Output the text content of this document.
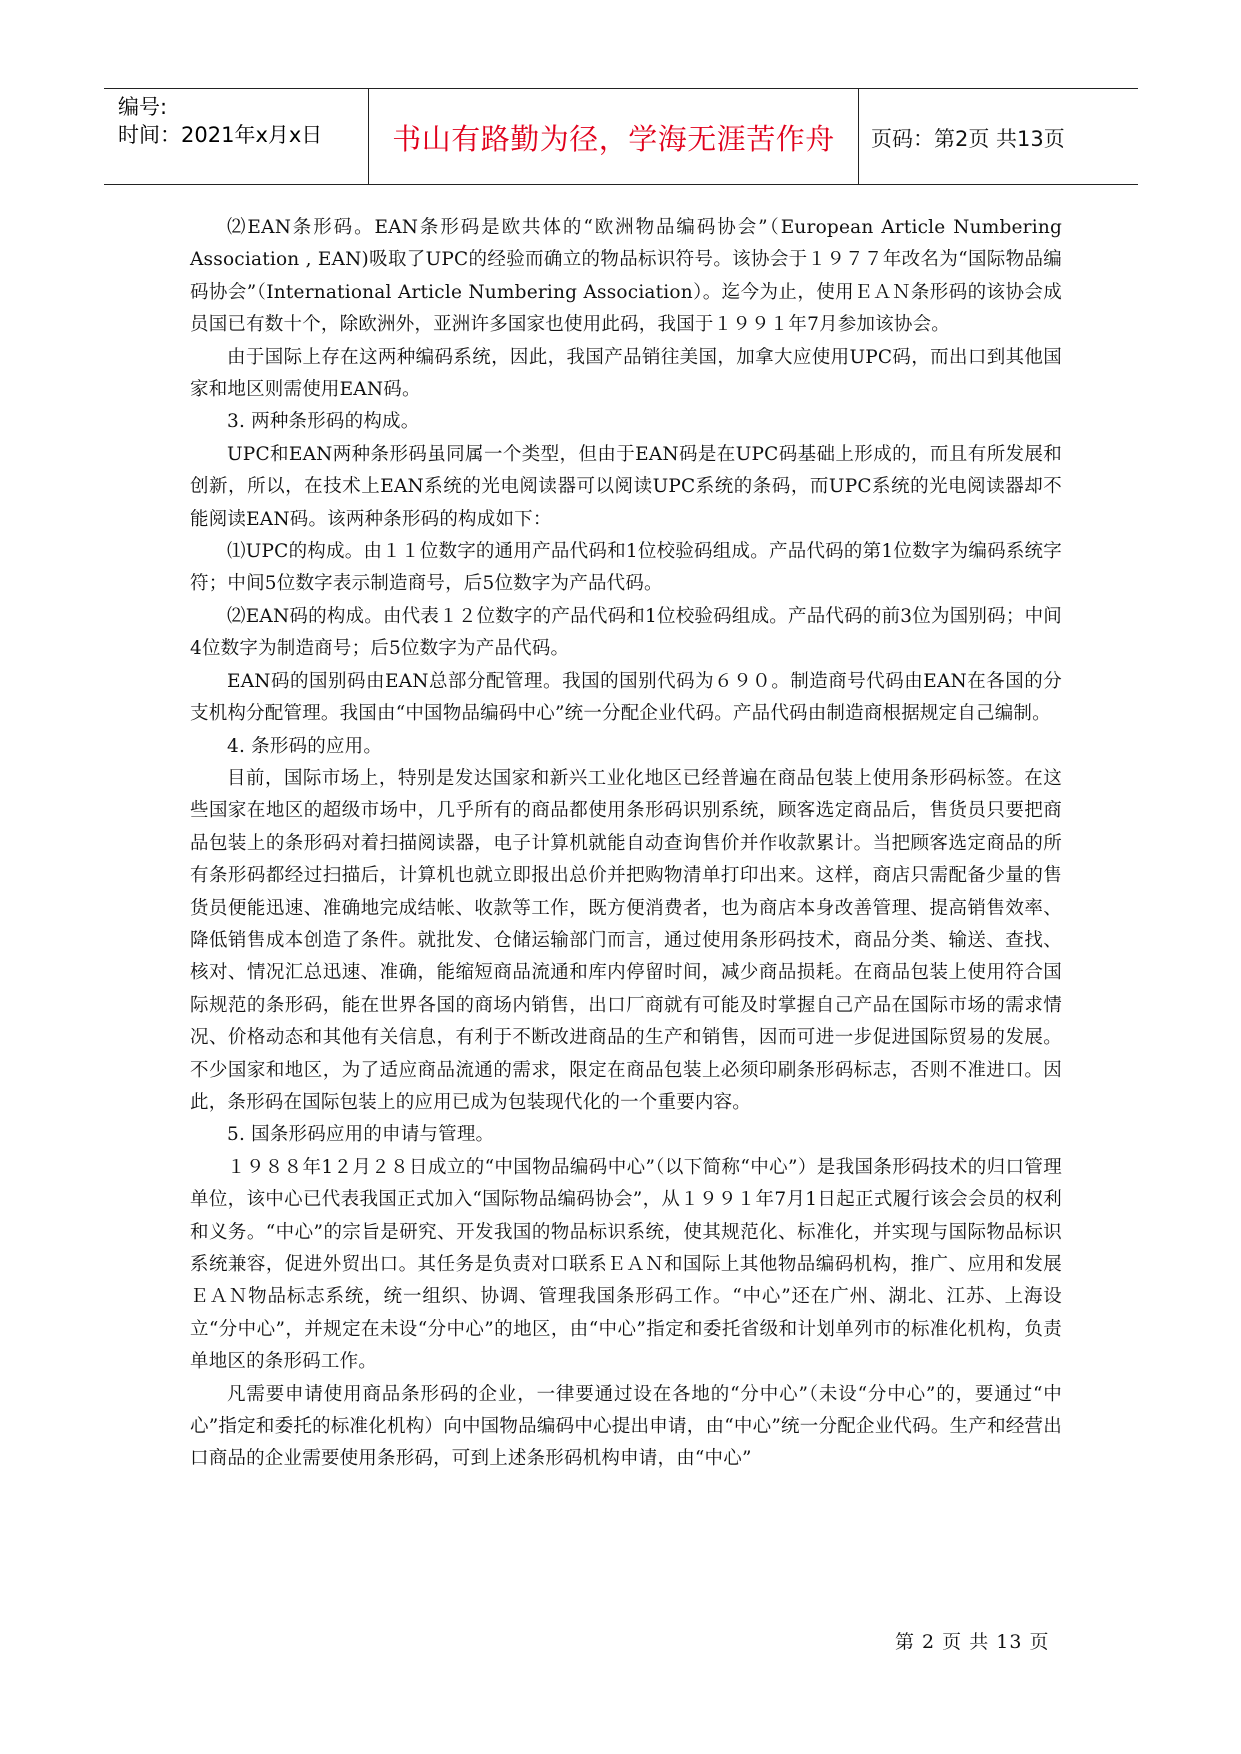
编号:
时间：2021年x月x日	书山有路勤为径，学海无涯苦作舟	页码：第2页 共13页

⑵EAN条形码。EAN条形码是欧共体的“欧洲物品编码协会”（European Article Numbering Association , EAN)吸取了UPC的经验而确立的物品标识符号。该协会于１９７７年改名为“国际物品编码协会”（International Article Numbering Association）。迄今为止，使用ＥＡＮ条形码的该协会成员国已有数十个，除欧洲外，亚洲许多国家也使用此码，我国于１９９１年7月参加该协会。

由于国际上存在这两种编码系统，因此，我国产品销往美国，加拿大应使用UPC码，而出口到其他国家和地区则需使用EAN码。

3. 两种条形码的构成。

UPC和EAN两种条形码虽同属一个类型，但由于EAN码是在UPC码基础上形成的，而且有所发展和创新，所以，在技术上EAN系统的光电阅读器可以阅读UPC系统的条码，而UPC系统的光电阅读器却不能阅读EAN码。该两种条形码的构成如下：

⑴UPC的构成。由１１位数字的通用产品代码和1位校验码组成。产品代码的第1位数字为编码系统字符；中间5位数字表示制造商号，后5位数字为产品代码。

⑵EAN码的构成。由代表１２位数字的产品代码和1位校验码组成。产品代码的前3位为国别码；中间4位数字为制造商号；后5位数字为产品代码。

EAN码的国别码由EAN总部分配管理。我国的国别代码为６９０。制造商号代码由EAN在各国的分支机构分配管理。我国由“中国物品编码中心”统一分配企业代码。产品代码由制造商根据规定自己编制。

4. 条形码的应用。

目前，国际市场上，特别是发达国家和新兴工业化地区已经普遍在商品包装上使用条形码标签。在这些国家在地区的超级市场中，几乎所有的商品都使用条形码识别系统，顾客选定商品后，售货员只要把商品包装上的条形码对着扫描阅读器，电子计算机就能自动查询售价并作收款累计。当把顾客选定商品的所有条形码都经过扫描后，计算机也就立即报出总价并把购物清单打印出来。这样，商店只需配备少量的售货员便能迅速、准确地完成结帐、收款等工作，既方便消费者，也为商店本身改善管理、提高销售效率、降低销售成本创造了条件。就批发、仓储运输部门而言，通过使用条形码技术，商品分类、输送、查找、核对、情况汇总迅速、准确，能缩短商品流通和库内停留时间，减少商品损耗。在商品包装上使用符合国际规范的条形码，能在世界各国的商场内销售，出口厂商就有可能及时掌握自己产品在国际市场的需求情况、价格动态和其他有关信息，有利于不断改进商品的生产和销售，因而可进一步促进国际贸易的发展。不少国家和地区，为了适应商品流通的需求，限定在商品包装上必须印刷条形码标志，否则不准进口。因此，条形码在国际包装上的应用已成为包装现代化的一个重要内容。

5. 国条形码应用的申请与管理。

１９８８年1２月２８日成立的“中国物品编码中心”（以下简称“中心”）是我国条形码技术的归口管理单位，该中心已代表我国正式加入“国际物品编码协会”，从１９９１年7月1日起正式履行该会会员的权利和义务。“中心”的宗旨是研究、开发我国的物品标识系统，使其规范化、标准化，并实现与国际物品标识系统兼容，促进外贸出口。其任务是负责对口联系ＥＡＮ和国际上其他物品编码机构，推广、应用和发展ＥＡＮ物品标志系统，统一组织、协调、管理我国条形码工作。“中心”还在广州、湖北、江苏、上海设立“分中心”，并规定在未设“分中心”的地区，由“中心”指定和委托省级和计划单列市的标准化机构，负责单地区的条形码工作。

凡需要申请使用商品条形码的企业，一律要通过设在各地的“分中心”（未设“分中心”的，要通过“中心”指定和委托的标准化机构）向中国物品编码中心提出申请，由“中心”统一分配企业代码。生产和经营出口商品的企业需要使用条形码，可到上述条形码机构申请，由“中心”

第 2 页 共 13 页
